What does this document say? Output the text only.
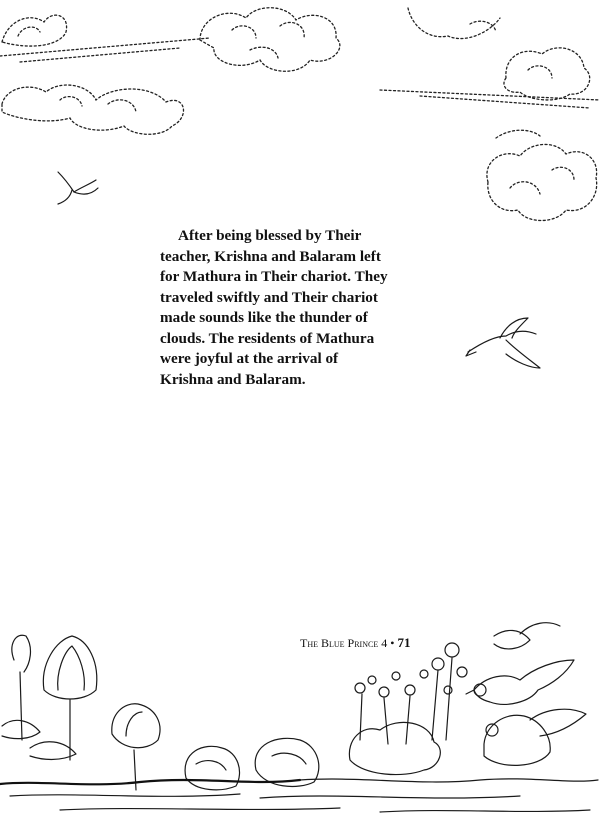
After being blessed by Their teacher, Krishna and Balaram left for Mathura in Their chariot. They traveled swiftly and Their chariot made sounds like the thunder of clouds. The residents of Mathura were joyful at the arrival of Krishna and Balaram.

The Blue Prince 4 • 71
